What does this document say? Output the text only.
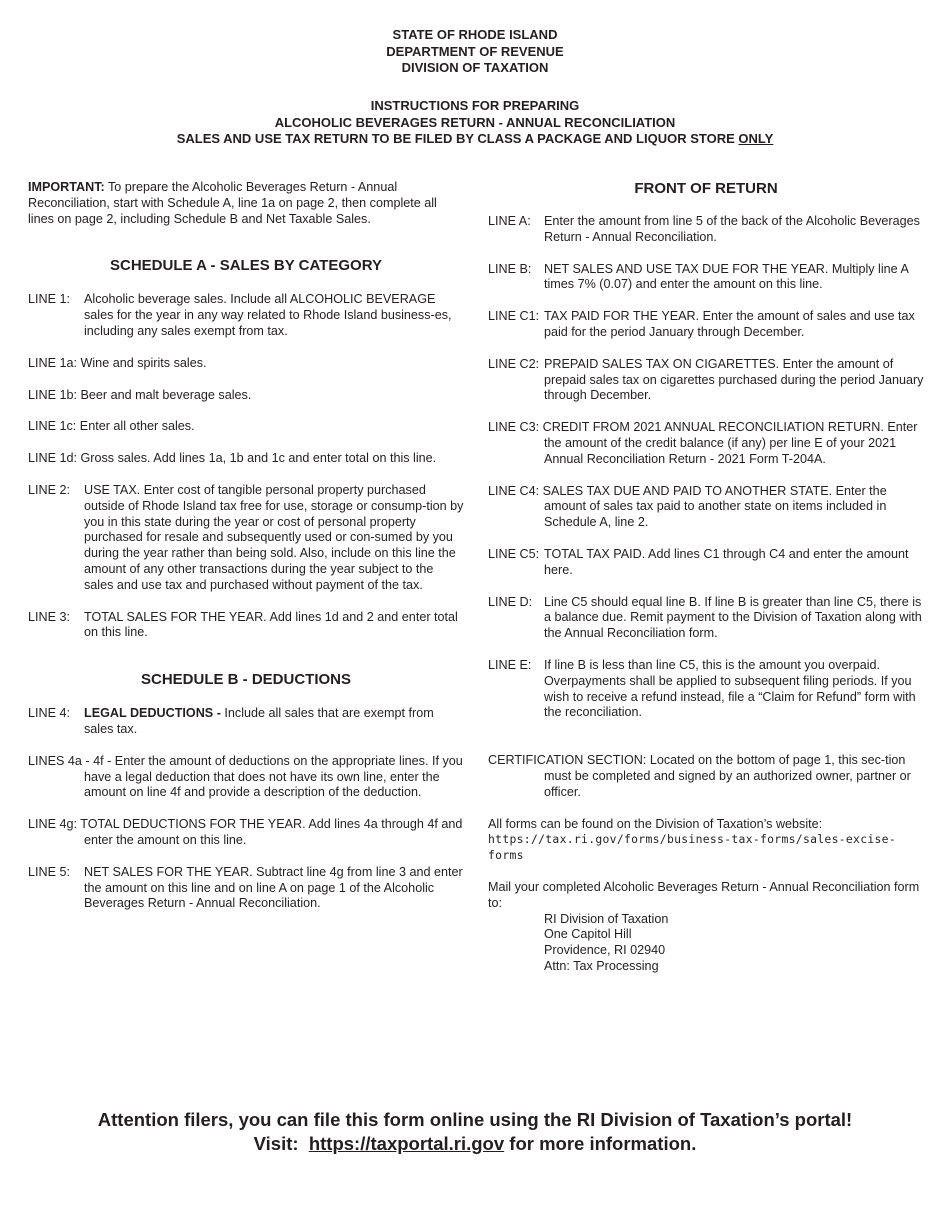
STATE OF RHODE ISLAND
DEPARTMENT OF REVENUE
DIVISION OF TAXATION
INSTRUCTIONS FOR PREPARING
ALCOHOLIC BEVERAGES RETURN - ANNUAL RECONCILIATION
SALES AND USE TAX RETURN TO BE FILED BY CLASS A PACKAGE AND LIQUOR STORE ONLY
IMPORTANT: To prepare the Alcoholic Beverages Return - Annual Reconciliation, start with Schedule A, line 1a on page 2, then complete all lines on page 2, including Schedule B and Net Taxable Sales.
SCHEDULE A - SALES BY CATEGORY
LINE 1:	Alcoholic beverage sales. Include all ALCOHOLIC BEVERAGE sales for the year in any way related to Rhode Island business-es, including any sales exempt from tax.
LINE 1a: Wine and spirits sales.
LINE 1b: Beer and malt beverage sales.
LINE 1c: Enter all other sales.
LINE 1d: Gross sales. Add lines 1a, 1b and 1c and enter total on this line.
LINE 2:	USE TAX. Enter cost of tangible personal property purchased outside of Rhode Island tax free for use, storage or consump-tion by you in this state during the year or cost of personal property purchased for resale and subsequently used or con-sumed by you during the year rather than being sold. Also, include on this line the amount of any other transactions during the year subject to the sales and use tax and purchased without payment of the tax.
LINE 3:	TOTAL SALES FOR THE YEAR. Add lines 1d and 2 and enter total on this line.
SCHEDULE B - DEDUCTIONS
LINE 4:	LEGAL DEDUCTIONS - Include all sales that are exempt from sales tax.
LINES 4a - 4f - Enter the amount of deductions on the appropriate lines. If you have a legal deduction that does not have its own line, enter the amount on line 4f and provide a description of the deduction.
LINE 4g: TOTAL DEDUCTIONS FOR THE YEAR. Add lines 4a through 4f and enter the amount on this line.
LINE 5:	NET SALES FOR THE YEAR. Subtract line 4g from line 3 and enter the amount on this line and on line A on page 1 of the Alcoholic Beverages Return - Annual Reconciliation.
FRONT OF RETURN
LINE A:	Enter the amount from line 5 of the back of the Alcoholic Beverages Return - Annual Reconciliation.
LINE B: NET SALES AND USE TAX DUE FOR THE YEAR. Multiply line A times 7% (0.07) and enter the amount on this line.
LINE C1: TAX PAID FOR THE YEAR. Enter the amount of sales and use tax paid for the period January through December.
LINE C2: PREPAID SALES TAX ON CIGARETTES. Enter the amount of prepaid sales tax on cigarettes purchased during the period January through December.
LINE C3: CREDIT FROM 2021 ANNUAL RECONCILIATION RETURN. Enter the amount of the credit balance (if any) per line E of your 2021 Annual Reconciliation Return - 2021 Form T-204A.
LINE C4: SALES TAX DUE AND PAID TO ANOTHER STATE. Enter the amount of sales tax paid to another state on items included in Schedule A, line 2.
LINE C5: TOTAL TAX PAID. Add lines C1 through C4 and enter the amount here.
LINE D: Line C5 should equal line B. If line B is greater than line C5, there is a balance due. Remit payment to the Division of Taxation along with the Annual Reconciliation form.
LINE E: If line B is less than line C5, this is the amount you overpaid. Overpayments shall be applied to subsequent filing periods. If you wish to receive a refund instead, file a “Claim for Refund” form with the reconciliation.
CERTIFICATION SECTION: Located on the bottom of page 1, this sec-tion must be completed and signed by an authorized owner, partner or officer.
All forms can be found on the Division of Taxation’s website:
https://tax.ri.gov/forms/business-tax-forms/sales-excise-forms
Mail your completed Alcoholic Beverages Return - Annual Reconciliation form to:
RI Division of Taxation
One Capitol Hill
Providence, RI 02940
Attn: Tax Processing
Attention filers, you can file this form online using the RI Division of Taxation’s portal!
Visit:  https://taxportal.ri.gov for more information.
